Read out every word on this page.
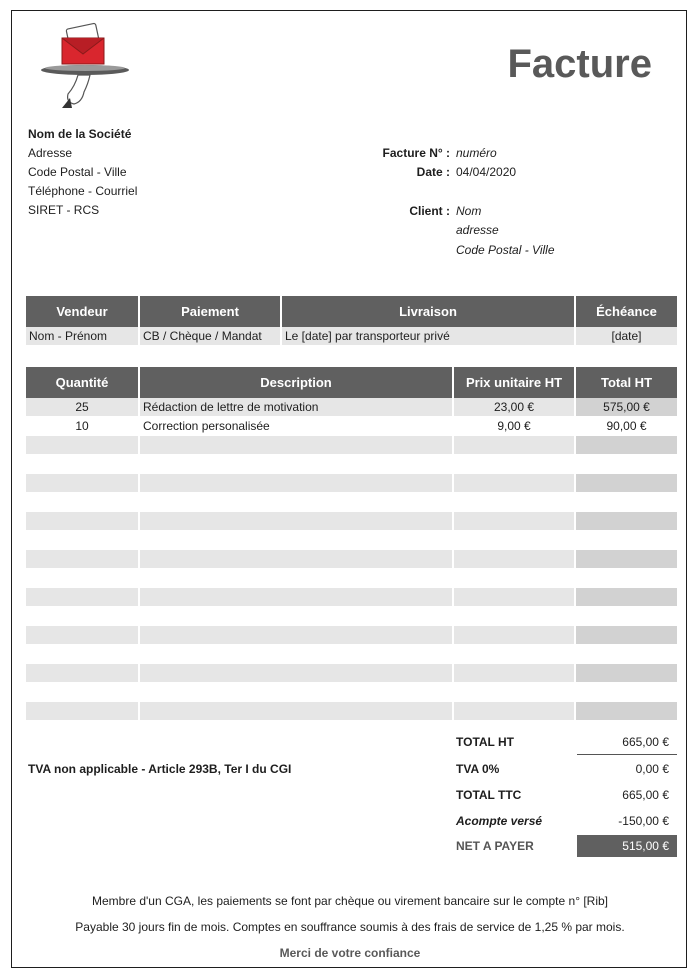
Facture
Nom de la Société
Adresse
Code Postal - Ville
Téléphone - Courriel
SIRET - RCS
Facture N° : numéro
Date : 04/04/2020
Client : Nom
adresse
Code Postal - Ville
Vendeur	Paiement	Livraison	Échéance
Nom - Prénom	CB / Chèque / Mandat	Le [date] par transporteur privé	[date]
Quantité	Description	Prix unitaire HT	Total HT
25	Rédaction de lettre de motivation	23,00 €	575,00 €
10	Correction personalisée	9,00 €	90,00 €

TVA non applicable - Article 293B, Ter I du CGI
TOTAL HT	665,00 €
TVA 0%	0,00 €
TOTAL TTC	665,00 €
Acompte versé	-150,00 €
NET A PAYER	515,00 €
Membre d'un CGA, les paiements se font par chèque ou virement bancaire sur le compte n° [Rib]
Payable 30 jours fin de mois. Comptes en souffrance soumis à des frais de service de 1,25 % par mois.
Merci de votre confiance
